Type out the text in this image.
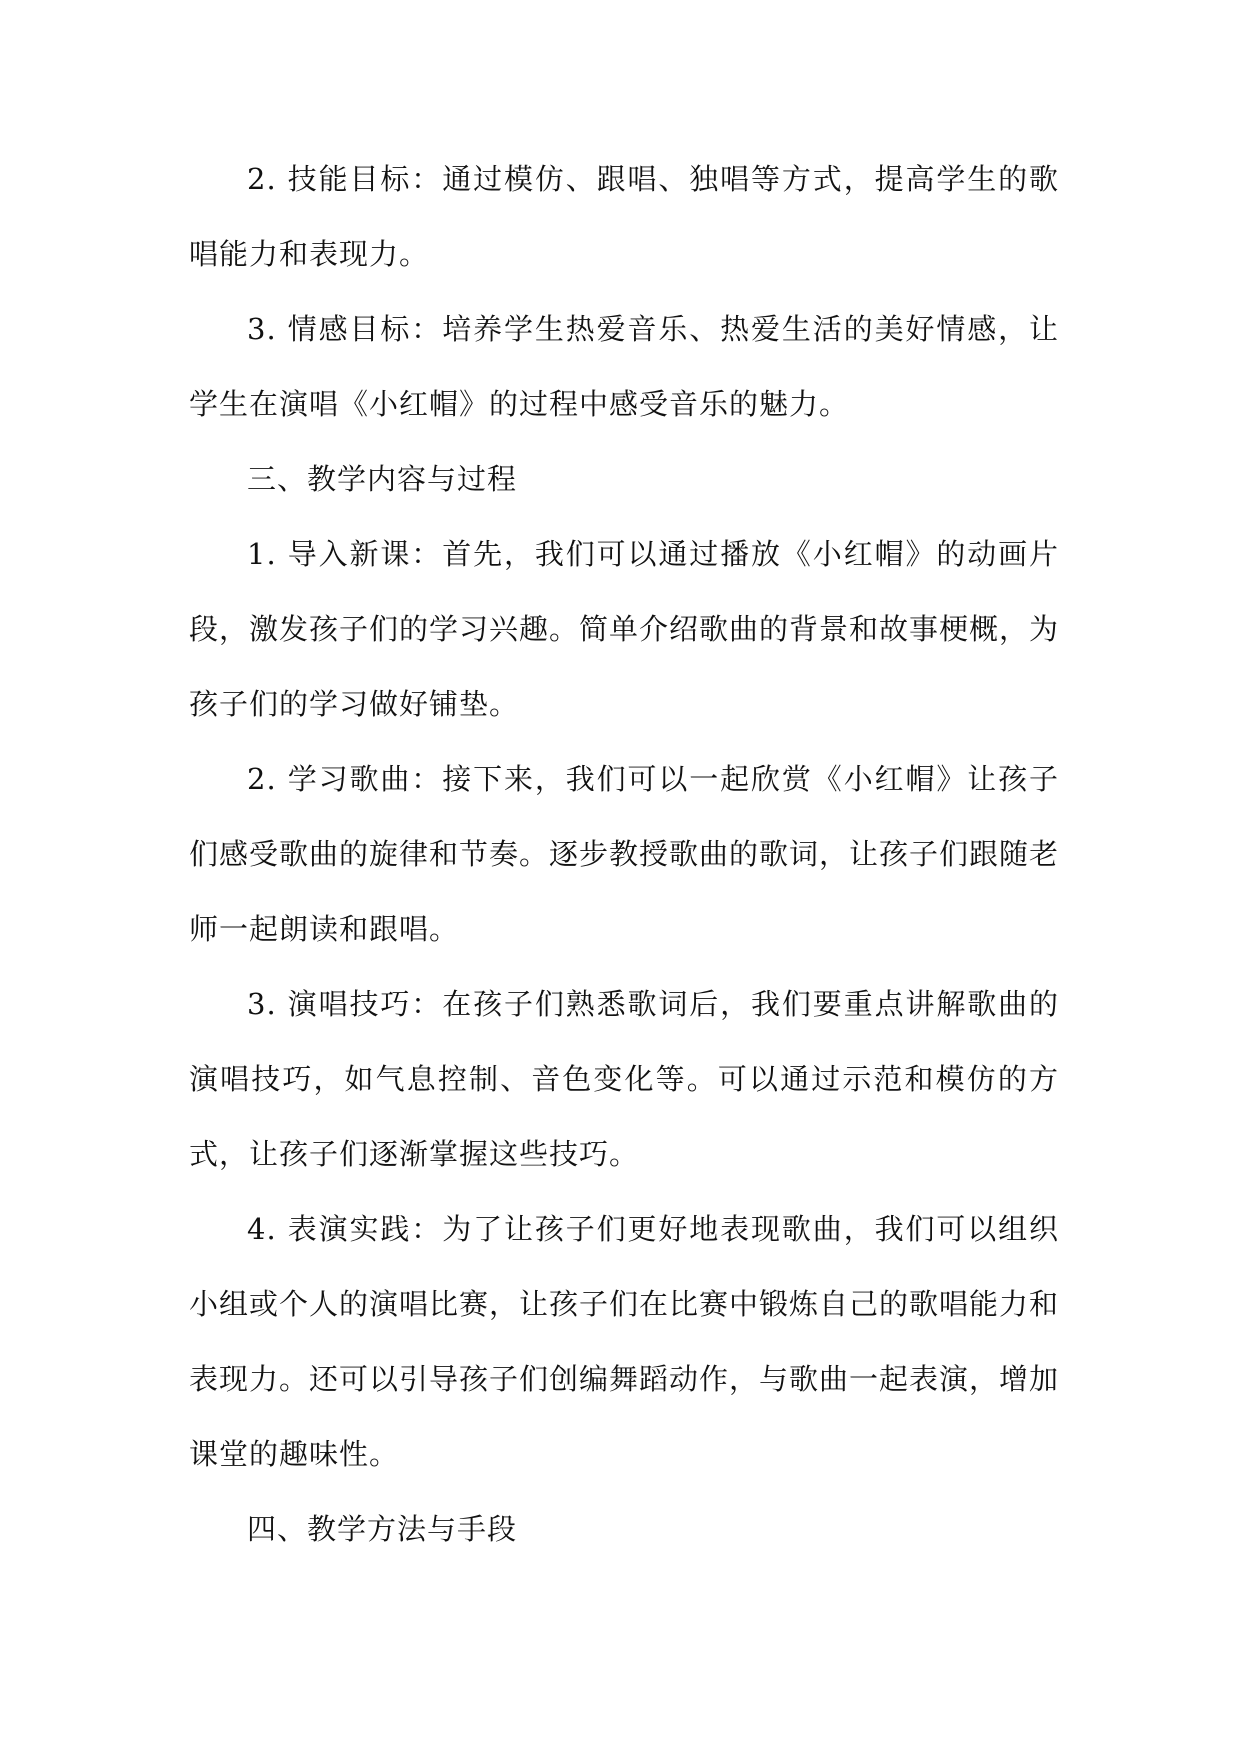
2. 技能目标：通过模仿、跟唱、独唱等方式，提高学生的歌唱能力和表现力。

3. 情感目标：培养学生热爱音乐、热爱生活的美好情感，让学生在演唱《小红帽》的过程中感受音乐的魅力。

三、教学内容与过程

1. 导入新课：首先，我们可以通过播放《小红帽》的动画片段，激发孩子们的学习兴趣。简单介绍歌曲的背景和故事梗概，为孩子们的学习做好铺垫。

2. 学习歌曲：接下来，我们可以一起欣赏《小红帽》让孩子们感受歌曲的旋律和节奏。逐步教授歌曲的歌词，让孩子们跟随老师一起朗读和跟唱。

3. 演唱技巧：在孩子们熟悉歌词后，我们要重点讲解歌曲的演唱技巧，如气息控制、音色变化等。可以通过示范和模仿的方式，让孩子们逐渐掌握这些技巧。

4. 表演实践：为了让孩子们更好地表现歌曲，我们可以组织小组或个人的演唱比赛，让孩子们在比赛中锻炼自己的歌唱能力和表现力。还可以引导孩子们创编舞蹈动作，与歌曲一起表演，增加课堂的趣味性。

四、教学方法与手段
